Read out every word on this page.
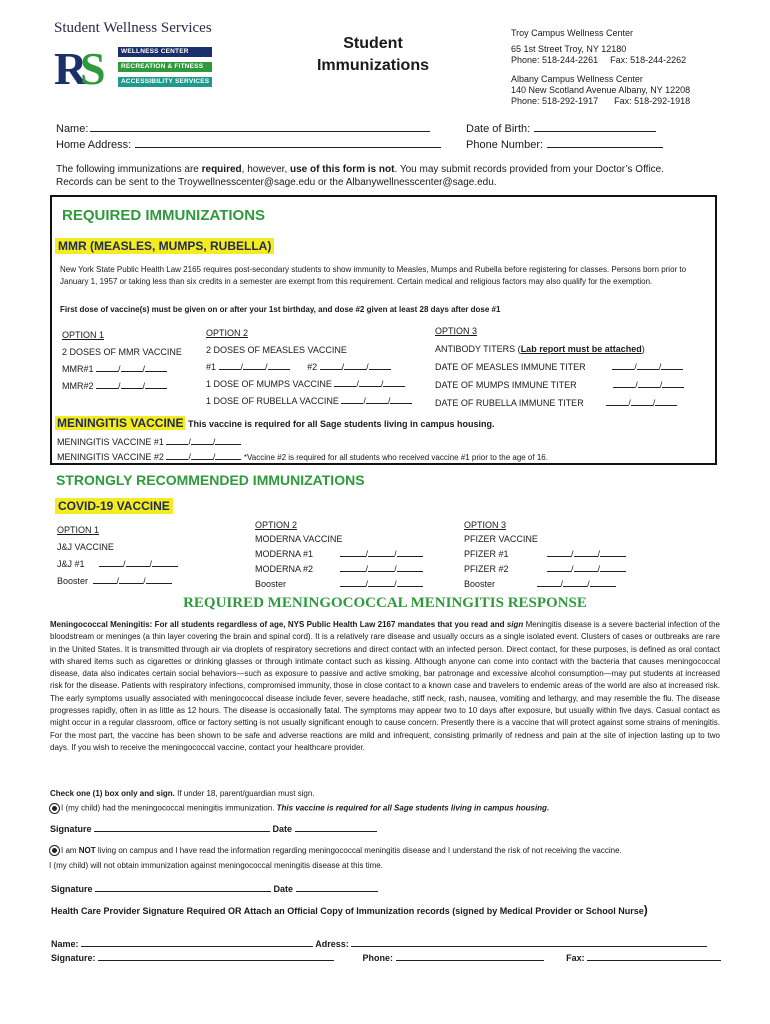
Student Wellness Services
R
S	WELLNESS CENTER
RECREATION & FITNESS
ACCESSIBILITY SERVICES
Student
Immunizations
Troy Campus Wellness Center
65 1st Street Troy, NY 12180
Phone: 518-244-2261 Fax: 518-244-2262
Albany Campus Wellness Center
140 New Scotland Avenue Albany, NY 12208
Phone: 518-292-1917 Fax: 518-292-1918
Name:
Home Address:
Date of Birth:
Phone Number:
The following immunizations are required, however, use of this form is not. You may submit records provided from your Doctor’s Office.
Records can be sent to the Troywellnesscenter@sage.edu or the Albanywellnesscenter@sage.edu.
REQUIRED IMMUNIZATIONS
MMR (MEASLES, MUMPS, RUBELLA)
New York State Public Health Law 2165 requires post-secondary students to show immunity to Measles, Mumps and Rubella before registering for classes. Persons born prior to January 1, 1957 or taking less than six credits in a semester are exempt from this requirement. Certain medical and religious factors may also qualify for the exemption.
First dose of vaccine(s) must be given on or after your 1st birthday, and dose #2 given at least 28 days after dose #1
OPTION 1
2 DOSES OF MMR VACCINE
MMR#1	/ /
MMR#2	/ /
OPTION 2
2 DOSES OF MEASLES VACCINE
#1	/ /	#2	/ /
1 DOSE OF MUMPS VACCINE	/ /
1 DOSE OF RUBELLA VACCINE	/ /
OPTION 3
ANTIBODY TITERS (Lab report must be attached)
DATE OF MEASLES IMMUNE TITER	/ /
DATE OF MUMPS IMMUNE TITER	/ /
DATE OF RUBELLA IMMUNE TITER	/ /
MENINGITIS VACCINE This vaccine is required for all Sage students living in campus housing.
MENINGITIS VACCINE #1	/ /
MENINGITIS VACCINE #2	/ /	*Vaccine #2 is required for all students who received vaccine #1 prior to the age of 16.
STRONGLY RECOMMENDED IMMUNIZATIONS
COVID-19 VACCINE
OPTION 1
J&J VACCINE
J&J #1	/	/
Booster	/	/
OPTION 2
MODERNA VACCINE
MODERNA #1	/	/
MODERNA #2	/	/
Booster	/	/
OPTION 3
PFIZER VACCINE
PFIZER #1	/	/
PFIZER #2	/	/
Booster	/	/
REQUIRED MENINGOCOCCAL MENINGITIS RESPONSE
Meningococcal Meningitis: For all students regardless of age, NYS Public Health Law 2167 mandates that you read and sign Meningitis disease is a severe bacterial infection of the bloodstream or meninges (a thin layer covering the brain and spinal cord). It is a relatively rare disease and usually occurs as a single isolated event. Clusters of cases or outbreaks are rare in the United States. It is transmitted through air via droplets of respiratory secretions and direct contact with an infected person. Direct contact, for these purposes, is defined as oral contact with shared items such as cigarettes or drinking glasses or through intimate contact such as kissing. Although anyone can come into contact with the bacteria that causes meningococcal disease, data also indicates certain social behaviors—such as exposure to passive and active smoking, bar patronage and excessive alcohol consumption—may put students at increased risk for the disease. Patients with respiratory infections, compromised immunity, those in close contact to a known case and travelers to endemic areas of the world are also at increased risk. The early symptoms usually associated with meningococcal disease include fever, severe headache, stiff neck, rash, nausea, vomiting and lethargy, and may resemble the flu. The disease progresses rapidly, often in as little as 12 hours. The disease is occasionally fatal. The symptoms may appear two to 10 days after exposure, but usually within five days. Casual contact as might occur in a regular classroom, office or factory setting is not usually significant enough to cause concern. Presently there is a vaccine that will protect against some strains of meningitis. For the most part, the vaccine has been shown to be safe and adverse reactions are mild and infrequent, consisting primarily of redness and pain at the site of injection lasting up to two days. If you wish to receive the meningococcal vaccine, contact your healthcare provider.
Check one (1) box only and sign. If under 18, parent/guardian must sign.
I (my child) had the meningococcal meningitis immunization. This vaccine is required for all Sage students living in campus housing.
Signature	Date
I am NOT living on campus and I have read the information regarding meningococcal meningitis disease and I understand the risk of not receiving the vaccine.
I (my child) will not obtain immunization against meningococcal meningitis disease at this time.
Signature	Date
Health Care Provider Signature Required OR Attach an Official Copy of Immunization records (signed by Medical Provider or School Nurse)
Name:	Adress:
Signature:	Phone:	Fax:
